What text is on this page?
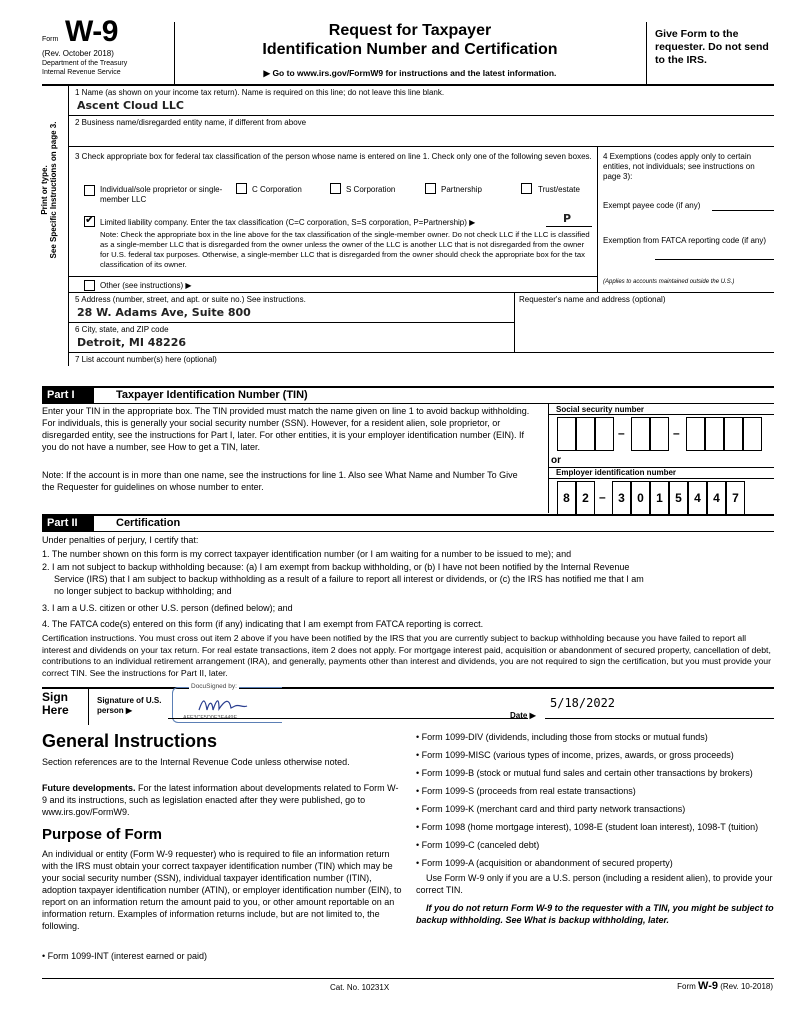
Form W-9
(Rev. October 2018)
Department of the Treasury
Internal Revenue Service
Request for Taxpayer
Identification Number and Certification
▶ Go to www.irs.gov/FormW9 for instructions and the latest information.
Give Form to the requester. Do not send to the IRS.
Print or type. See Specific Instructions on page 3.
1 Name (as shown on your income tax return). Name is required on this line; do not leave this line blank.
Ascent Cloud LLC
2 Business name/disregarded entity name, if different from above
3 Check appropriate box for federal tax classification of the person whose name is entered on line 1. Check only one of the following seven boxes.
Individual/sole proprietor or single-member LLC
C Corporation	S Corporation	Partnership	Trust/estate
✔
Limited liability company. Enter the tax classification (C=C corporation, S=S corporation, P=Partnership) ▶	P
Note: Check the appropriate box in the line above for the tax classification of the single-member owner. Do not check LLC if the LLC is classified as a single-member LLC that is disregarded from the owner unless the owner of the LLC is another LLC that is not disregarded from the owner for U.S. federal tax purposes. Otherwise, a single-member LLC that is disregarded from the owner should check the appropriate box for the tax classification of its owner.
Other (see instructions) ▶
4 Exemptions (codes apply only to certain entities, not individuals; see instructions on page 3):
Exempt payee code (if any)
Exemption from FATCA reporting code (if any)
(Applies to accounts maintained outside the U.S.)
5 Address (number, street, and apt. or suite no.) See instructions.	Requester's name and address (optional)
28 W. Adams Ave, Suite 800
6 City, state, and ZIP code
Detroit, MI 48226
7 List account number(s) here (optional)
Part I	Taxpayer Identification Number (TIN)
Enter your TIN in the appropriate box. The TIN provided must match the name given on line 1 to avoid backup withholding. For individuals, this is generally your social security number (SSN). However, for a resident alien, sole proprietor, or disregarded entity, see the instructions for Part I, later. For other entities, it is your employer identification number (EIN). If you do not have a number, see How to get a TIN, later.
Note: If the account is in more than one name, see the instructions for line 1. Also see What Name and Number To Give the Requester for guidelines on whose number to enter.
Social security number
–	–
or
Employer identification number
8	2 –	3	0	1	5	4	4	7
Part II	Certification
Under penalties of perjury, I certify that:
1. The number shown on this form is my correct taxpayer identification number (or I am waiting for a number to be issued to me); and
2. I am not subject to backup withholding because: (a) I am exempt from backup withholding, or (b) I have not been notified by the Internal Revenue
Service (IRS) that I am subject to backup withholding as a result of a failure to report all interest or dividends, or (c) the IRS has notified me that I am
no longer subject to backup withholding; and
3. I am a U.S. citizen or other U.S. person (defined below); and
4. The FATCA code(s) entered on this form (if any) indicating that I am exempt from FATCA reporting is correct.
Certification instructions. You must cross out item 2 above if you have been notified by the IRS that you are currently subject to backup withholding because you have failed to report all interest and dividends on your tax return. For real estate transactions, item 2 does not apply. For mortgage interest paid, acquisition or abandonment of secured property, cancellation of debt, contributions to an individual retirement arrangement (IRA), and generally, payments other than interest and dividends, you are not required to sign the certification, but you must provide your correct TIN. See the instructions for Part II, later.
Sign Here
Signature of U.S. person ▶
DocuSigned by:
Date ▶
5/18/2022
General Instructions
Section references are to the Internal Revenue Code unless otherwise noted.
Future developments. For the latest information about developments related to Form W-9 and its instructions, such as legislation enacted after they were published, go to www.irs.gov/FormW9.
Purpose of Form
An individual or entity (Form W-9 requester) who is required to file an information return with the IRS must obtain your correct taxpayer identification number (TIN) which may be your social security number (SSN), individual taxpayer identification number (ITIN), adoption taxpayer identification number (ATIN), or employer identification number (EIN), to report on an information return the amount paid to you, or other amount reportable on an information return. Examples of information returns include, but are not limited to, the following.
• Form 1099-INT (interest earned or paid)
• Form 1099-DIV (dividends, including those from stocks or mutual funds)
• Form 1099-MISC (various types of income, prizes, awards, or gross proceeds)
• Form 1099-B (stock or mutual fund sales and certain other transactions by brokers)
• Form 1099-S (proceeds from real estate transactions)
• Form 1099-K (merchant card and third party network transactions)
• Form 1098 (home mortgage interest), 1098-E (student loan interest), 1098-T (tuition)
• Form 1099-C (canceled debt)
• Form 1099-A (acquisition or abandonment of secured property)
Use Form W-9 only if you are a U.S. person (including a resident alien), to provide your correct TIN.
If you do not return Form W-9 to the requester with a TIN, you might be subject to backup withholding. See What is backup withholding, later.
Cat. No. 10231X	Form W-9 (Rev. 10-2018)
